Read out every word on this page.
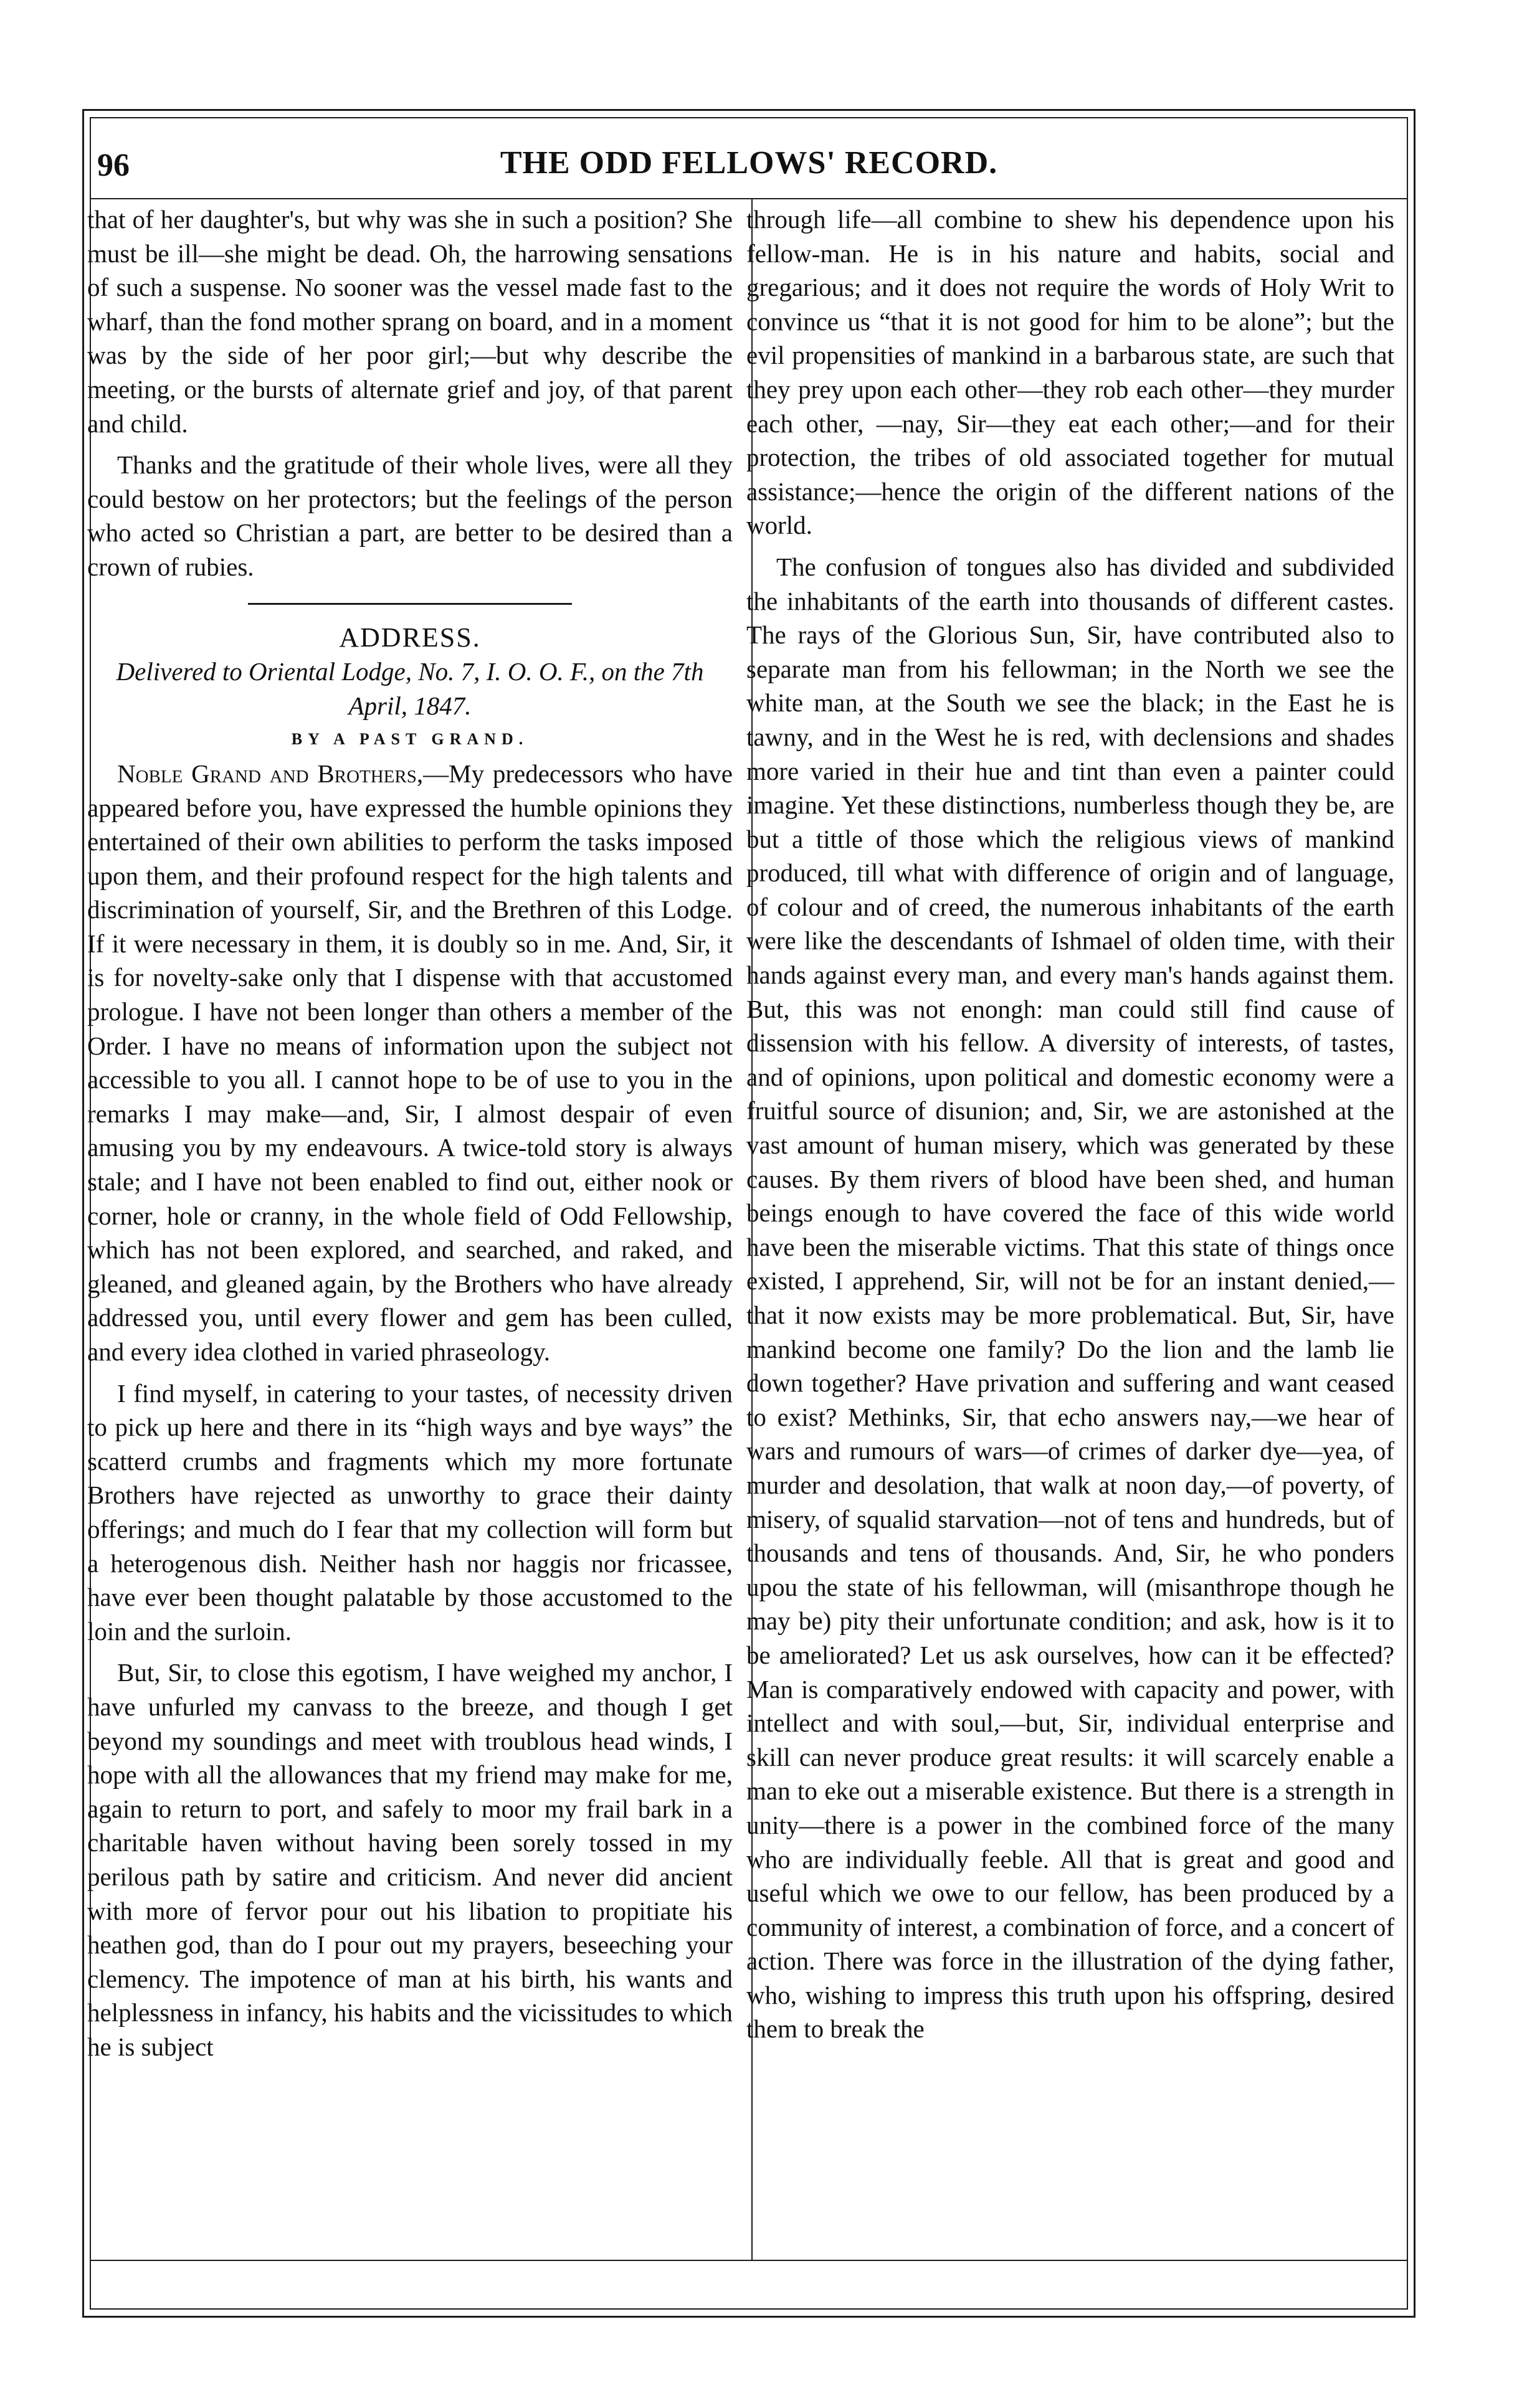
96	THE ODD FELLOWS' RECORD.

that of her daughter's, but why was she in such a position? She must be ill—she might be dead. Oh, the harrowing sensations of such a suspense. No sooner was the vessel made fast to the wharf, than the fond mother sprang on board, and in a moment was by the side of her poor girl;—but why describe the meeting, or the bursts of alternate grief and joy, of that parent and child.

Thanks and the gratitude of their whole lives, were all they could bestow on her protectors; but the feelings of the person who acted so Christian a part, are better to be desired than a crown of rubies.

ADDRESS.

Delivered to Oriental Lodge, No. 7, I. O. O. F., on the 7th April, 1847.

BY A PAST GRAND.

Noble Grand and Brothers,—My predecessors who have appeared before you, have expressed the humble opinions they entertained of their own abilities to perform the tasks imposed upon them, and their profound respect for the high talents and discrimination of yourself, Sir, and the Brethren of this Lodge. If it were necessary in them, it is doubly so in me. And, Sir, it is for novelty-sake only that I dispense with that accustomed prologue. I have not been longer than others a member of the Order. I have no means of information upon the subject not accessible to you all. I cannot hope to be of use to you in the remarks I may make—and, Sir, I almost despair of even amusing you by my endeavours. A twice-told story is always stale; and I have not been enabled to find out, either nook or corner, hole or cranny, in the whole field of Odd Fellowship, which has not been explored, and searched, and raked, and gleaned, and gleaned again, by the Brothers who have already addressed you, until every flower and gem has been culled, and every idea clothed in varied phraseology.

I find myself, in catering to your tastes, of necessity driven to pick up here and there in its “high ways and bye ways” the scatterd crumbs and fragments which my more fortunate Brothers have rejected as unworthy to grace their dainty offerings; and much do I fear that my collection will form but a heterogenous dish. Neither hash nor haggis nor fricassee, have ever been thought palatable by those accustomed to the loin and the surloin.

But, Sir, to close this egotism, I have weighed my anchor, I have unfurled my canvass to the breeze, and though I get beyond my soundings and meet with troublous head winds, I hope with all the allowances that my friend may make for me, again to return to port, and safely to moor my frail bark in a charitable haven without having been sorely tossed in my perilous path by satire and criticism. And never did ancient with more of fervor pour out his libation to propitiate his heathen god, than do I pour out my prayers, beseeching your clemency. The impotence of man at his birth, his wants and helplessness in infancy, his habits and the vicissitudes to which he is subject

through life—all combine to shew his dependence upon his fellow-man. He is in his nature and habits, social and gregarious; and it does not require the words of Holy Writ to convince us “that it is not good for him to be alone”; but the evil propensities of mankind in a barbarous state, are such that they prey upon each other—they rob each other—they murder each other, —nay, Sir—they eat each other;—and for their protection, the tribes of old associated together for mutual assistance;—hence the origin of the different nations of the world.

The confusion of tongues also has divided and subdivided the inhabitants of the earth into thousands of different castes. The rays of the Glorious Sun, Sir, have contributed also to separate man from his fellowman; in the North we see the white man, at the South we see the black; in the East he is tawny, and in the West he is red, with declensions and shades more varied in their hue and tint than even a painter could imagine. Yet these distinctions, numberless though they be, are but a tittle of those which the religious views of mankind produced, till what with difference of origin and of language, of colour and of creed, the numerous inhabitants of the earth were like the descendants of Ishmael of olden time, with their hands against every man, and every man's hands against them. But, this was not enongh: man could still find cause of dissension with his fellow. A diversity of interests, of tastes, and of opinions, upon political and domestic economy were a fruitful source of disunion; and, Sir, we are astonished at the vast amount of human misery, which was generated by these causes. By them rivers of blood have been shed, and human beings enough to have covered the face of this wide world have been the miserable victims. That this state of things once existed, I apprehend, Sir, will not be for an instant denied,—that it now exists may be more problematical. But, Sir, have mankind become one family? Do the lion and the lamb lie down together? Have privation and suffering and want ceased to exist? Methinks, Sir, that echo answers nay,—we hear of wars and rumours of wars—of crimes of darker dye—yea, of murder and desolation, that walk at noon day,—of poverty, of misery, of squalid starvation—not of tens and hundreds, but of thousands and tens of thousands. And, Sir, he who ponders upou the state of his fellowman, will (misanthrope though he may be) pity their unfortunate condition; and ask, how is it to be ameliorated? Let us ask ourselves, how can it be effected? Man is comparatively endowed with capacity and power, with intellect and with soul,—but, Sir, individual enterprise and skill can never produce great results: it will scarcely enable a man to eke out a miserable existence. But there is a strength in unity—there is a power in the combined force of the many who are individually feeble. All that is great and good and useful which we owe to our fellow, has been produced by a community of interest, a combination of force, and a concert of action. There was force in the illustration of the dying father, who, wishing to impress this truth upon his offspring, desired them to break the
